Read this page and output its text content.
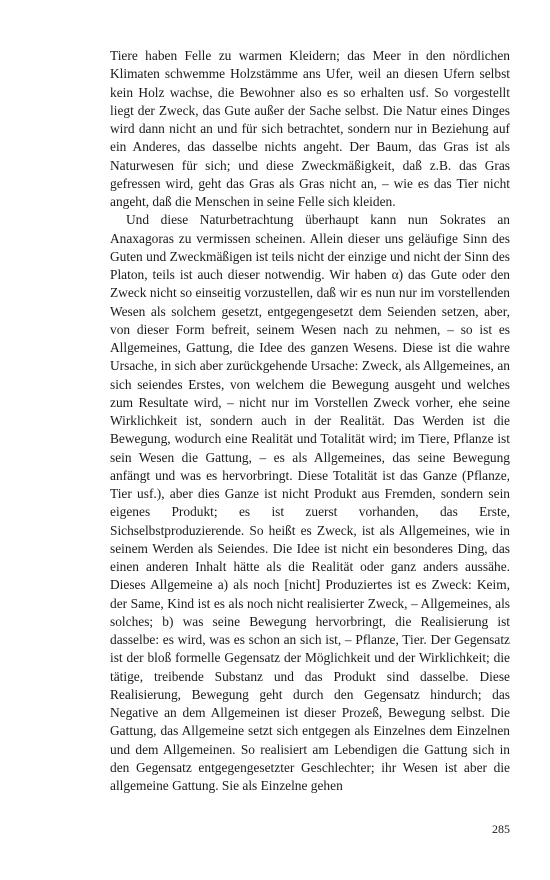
Tiere haben Felle zu warmen Kleidern; das Meer in den nördlichen Klimaten schwemme Holzstämme ans Ufer, weil an diesen Ufern selbst kein Holz wachse, die Bewohner also es so erhalten usf. So vorgestellt liegt der Zweck, das Gute außer der Sache selbst. Die Natur eines Dinges wird dann nicht an und für sich betrachtet, sondern nur in Beziehung auf ein Anderes, das dasselbe nichts angeht. Der Baum, das Gras ist als Naturwesen für sich; und diese Zweckmäßigkeit, daß z.B. das Gras gefressen wird, geht das Gras als Gras nicht an, – wie es das Tier nicht angeht, daß die Menschen in seine Felle sich kleiden.

Und diese Naturbetrachtung überhaupt kann nun Sokrates an Anaxagoras zu vermissen scheinen. Allein dieser uns geläufige Sinn des Guten und Zweckmäßigen ist teils nicht der einzige und nicht der Sinn des Platon, teils ist auch dieser notwendig. Wir haben α) das Gute oder den Zweck nicht so einseitig vorzustellen, daß wir es nun nur im vorstellenden Wesen als solchem gesetzt, entgegengesetzt dem Seienden setzen, aber, von dieser Form befreit, seinem Wesen nach zu nehmen, – so ist es Allgemeines, Gattung, die Idee des ganzen Wesens. Diese ist die wahre Ursache, in sich aber zurückgehende Ursache: Zweck, als Allgemeines, an sich seiendes Erstes, von welchem die Bewegung ausgeht und welches zum Resultate wird, – nicht nur im Vorstellen Zweck vorher, ehe seine Wirklichkeit ist, sondern auch in der Realität. Das Werden ist die Bewegung, wodurch eine Realität und Totalität wird; im Tiere, Pflanze ist sein Wesen die Gattung, – es als Allgemeines, das seine Bewegung anfängt und was es hervorbringt. Diese Totalität ist das Ganze (Pflanze, Tier usf.), aber dies Ganze ist nicht Produkt aus Fremden, sondern sein eigenes Produkt; es ist zuerst vorhanden, das Erste, Sichselbstproduzierende. So heißt es Zweck, ist als Allgemeines, wie in seinem Werden als Seiendes. Die Idee ist nicht ein besonderes Ding, das einen anderen Inhalt hätte als die Realität oder ganz anders aussähe. Dieses Allgemeine a) als noch [nicht] Produziertes ist es Zweck: Keim, der Same, Kind ist es als noch nicht realisierter Zweck, – Allgemeines, als solches; b) was seine Bewegung hervorbringt, die Realisierung ist dasselbe: es wird, was es schon an sich ist, – Pflanze, Tier. Der Gegensatz ist der bloß formelle Gegensatz der Möglichkeit und der Wirklichkeit; die tätige, treibende Substanz und das Produkt sind dasselbe. Diese Realisierung, Bewegung geht durch den Gegensatz hindurch; das Negative an dem Allgemeinen ist dieser Prozeß, Bewegung selbst. Die Gattung, das Allgemeine setzt sich entgegen als Einzelnes dem Einzelnen und dem Allgemeinen. So realisiert am Lebendigen die Gattung sich in den Gegensatz entgegengesetzter Geschlechter; ihr Wesen ist aber die allgemeine Gattung. Sie als Einzelne gehen

285
